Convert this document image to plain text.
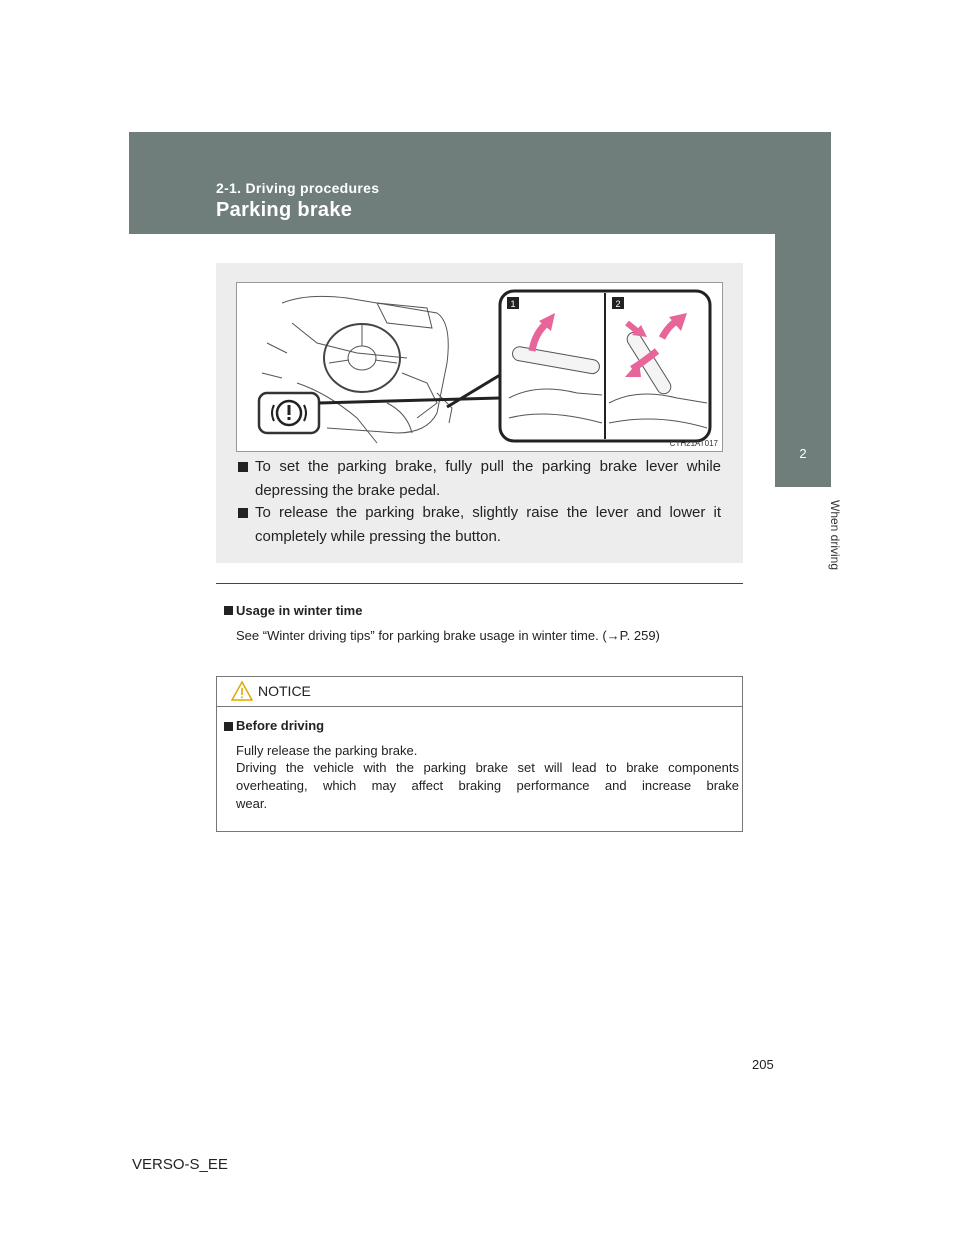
2-1. Driving procedures
Parking brake
2
When driving
1	2
CTH21AT017
To set the parking brake, fully pull the parking brake lever while
depressing the brake pedal.
To release the parking brake, slightly raise the lever and lower it
completely while pressing the button.
Usage in winter time
See “Winter driving tips” for parking brake usage in winter time. (→P. 259)
NOTICE
Before driving
Fully release the parking brake.
Driving the vehicle with the parking brake set will lead to brake components
overheating, which may affect braking performance and increase brake
wear.
205
VERSO-S_EE
